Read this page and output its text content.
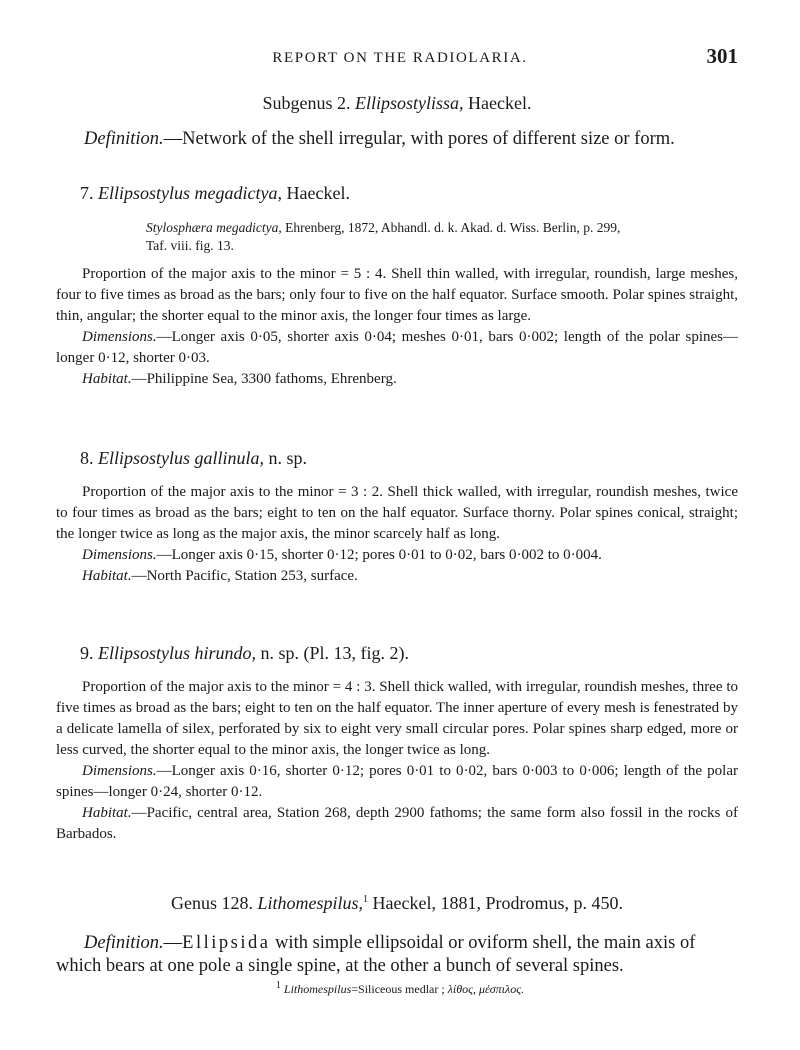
REPORT ON THE RADIOLARIA.	301
Subgenus 2. Ellipsostylissa, Haeckel.
Definition.—Network of the shell irregular, with pores of different size or form.
7. Ellipsostylus megadictya, Haeckel.
Stylosphæra megadictya, Ehrenberg, 1872, Abhandl. d. k. Akad. d. Wiss. Berlin, p. 299,
Taf. viii. fig. 13.

Proportion of the major axis to the minor = 5 : 4. Shell thin walled, with irregular, roundish, large meshes, four to five times as broad as the bars; only four to five on the half equator. Surface smooth. Polar spines straight, thin, angular; the shorter equal to the minor axis, the longer four times as large.

Dimensions.—Longer axis 0·05, shorter axis 0·04; meshes 0·01, bars 0·002; length of the polar spines—longer 0·12, shorter 0·03.

Habitat.—Philippine Sea, 3300 fathoms, Ehrenberg.

8. Ellipsostylus gallinula, n. sp.

Proportion of the major axis to the minor = 3 : 2. Shell thick walled, with irregular, roundish meshes, twice to four times as broad as the bars; eight to ten on the half equator. Surface thorny. Polar spines conical, straight; the longer twice as long as the major axis, the minor scarcely half as long.

Dimensions.—Longer axis 0·15, shorter 0·12; pores 0·01 to 0·02, bars 0·002 to 0·004.

Habitat.—North Pacific, Station 253, surface.

9. Ellipsostylus hirundo, n. sp. (Pl. 13, fig. 2).

Proportion of the major axis to the minor = 4 : 3. Shell thick walled, with irregular, roundish meshes, three to five times as broad as the bars; eight to ten on the half equator. The inner aperture of every mesh is fenestrated by a delicate lamella of silex, perforated by six to eight very small circular pores. Polar spines sharp edged, more or less curved, the shorter equal to the minor axis, the longer twice as long.

Dimensions.—Longer axis 0·16, shorter 0·12; pores 0·01 to 0·02, bars 0·003 to 0·006; length of the polar spines—longer 0·24, shorter 0·12.

Habitat.—Pacific, central area, Station 268, depth 2900 fathoms; the same form also fossil in the rocks of Barbados.

Genus 128. Lithomespilus,$^1$ Haeckel, 1881, Prodromus, p. 450.
Definition.—Ellipsida with simple ellipsoidal or oviform shell, the main axis of which bears at one pole a single spine, at the other a bunch of several spines.
$^1$ Lithomespilus=Siliceous medlar ; λίθος, μέσπιλος.
